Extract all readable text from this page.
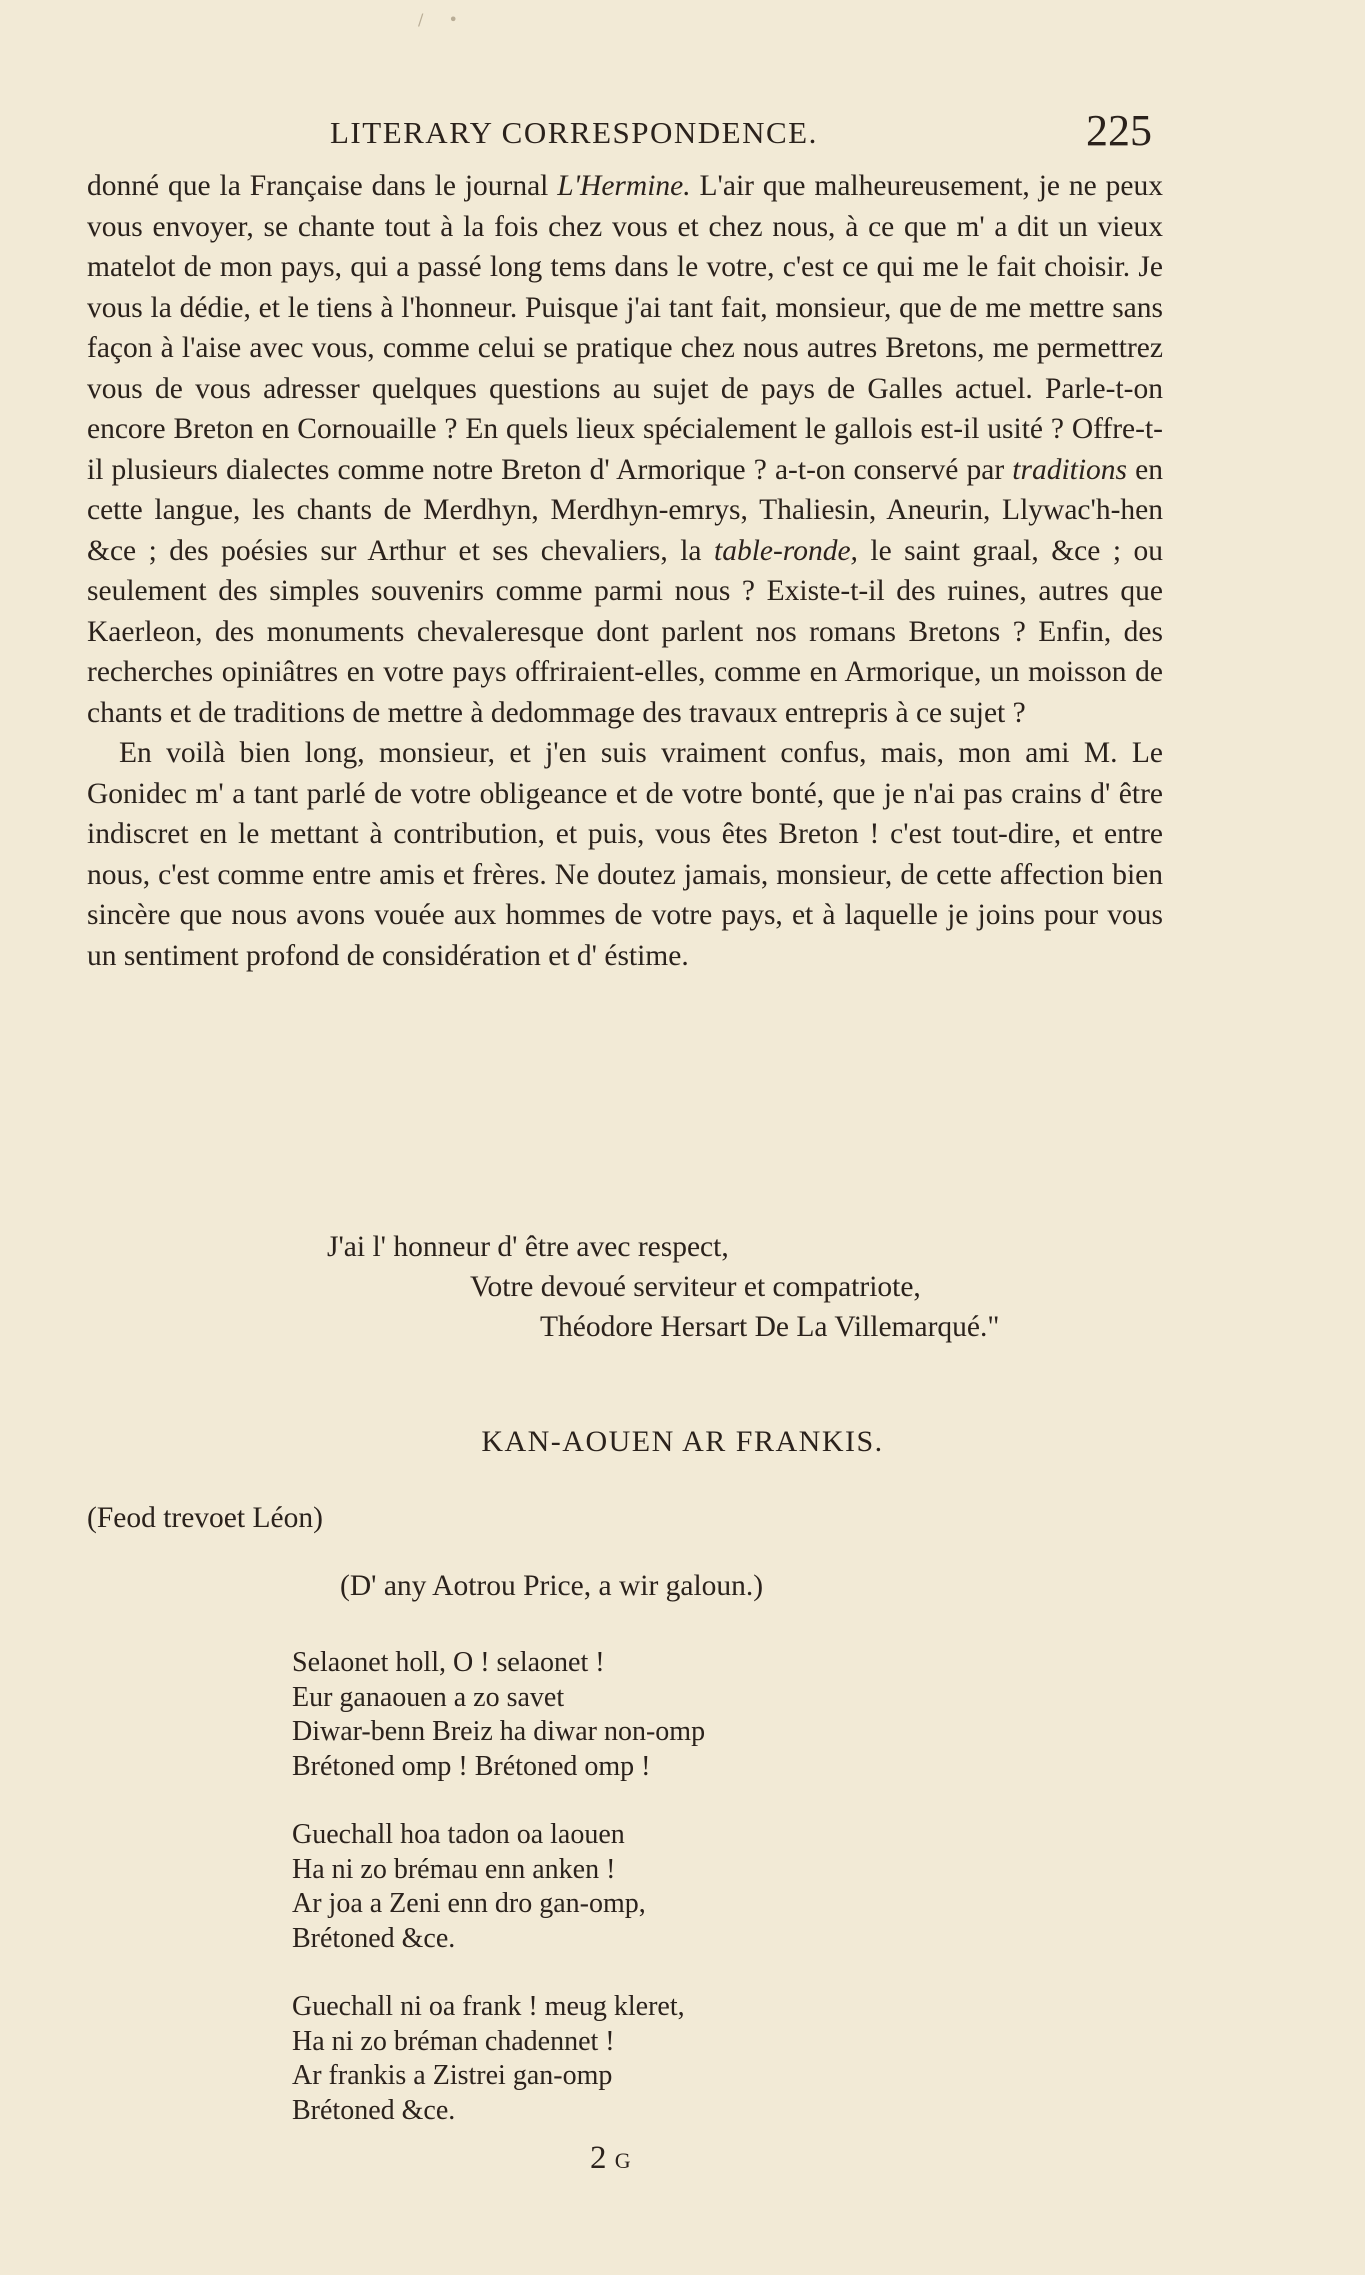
/ •
LITERARY CORRESPONDENCE.	225

donné que la Française dans le journal L'Hermine. L'air que malheureusement, je ne peux vous envoyer, se chante tout à la fois chez vous et chez nous, à ce que m' a dit un vieux matelot de mon pays, qui a passé long tems dans le votre, c'est ce qui me le fait choisir. Je vous la dédie, et le tiens à l'honneur. Puisque j'ai tant fait, monsieur, que de me mettre sans façon à l'aise avec vous, comme celui se pratique chez nous autres Bretons, me permettrez vous de vous adresser quelques questions au sujet de pays de Galles actuel. Parle-t-on encore Breton en Cornouaille ? En quels lieux spécialement le gallois est-il usité ? Offre-t-il plusieurs dialectes comme notre Breton d' Armorique ? a-t-on conservé par traditions en cette langue, les chants de Merdhyn, Merdhyn-emrys, Thaliesin, Aneurin, Llywac'h-hen &ce ; des poésies sur Arthur et ses chevaliers, la table-ronde, le saint graal, &ce ; ou seulement des simples souvenirs comme parmi nous ? Existe-t-il des ruines, autres que Kaerleon, des monuments chevaleresque dont parlent nos romans Bretons ? Enfin, des recherches opiniâtres en votre pays offriraient-elles, comme en Armorique, un moisson de chants et de traditions de mettre à dedommage des travaux entrepris à ce sujet ?

En voilà bien long, monsieur, et j'en suis vraiment confus, mais, mon ami M. Le Gonidec m' a tant parlé de votre obligeance et de votre bonté, que je n'ai pas crains d' être indiscret en le mettant à contribution, et puis, vous êtes Breton ! c'est tout-dire, et entre nous, c'est comme entre amis et frères. Ne doutez jamais, monsieur, de cette affection bien sincère que nous avons vouée aux hommes de votre pays, et à laquelle je joins pour vous un sentiment profond de considération et d' éstime.

J'ai l' honneur d' être avec respect,
Votre devoué serviteur et compatriote,
Théodore Hersart De La Villemarqué."
KAN-AOUEN AR FRANKIS.
(Feod trevoet Léon)
(D' any Aotrou Price, a wir galoun.)
Selaonet holl, O ! selaonet !
Eur ganaouen a zo savet
Diwar-benn Breiz ha diwar non-omp
Brétoned omp ! Brétoned omp !
Guechall hoa tadon oa laouen
Ha ni zo brémau enn anken !
Ar joa a Zeni enn dro gan-omp,
Brétoned &ce.
Guechall ni oa frank ! meug kleret,
Ha ni zo bréman chadennet !
Ar frankis a Zistrei gan-omp
Brétoned &ce.
2 G
